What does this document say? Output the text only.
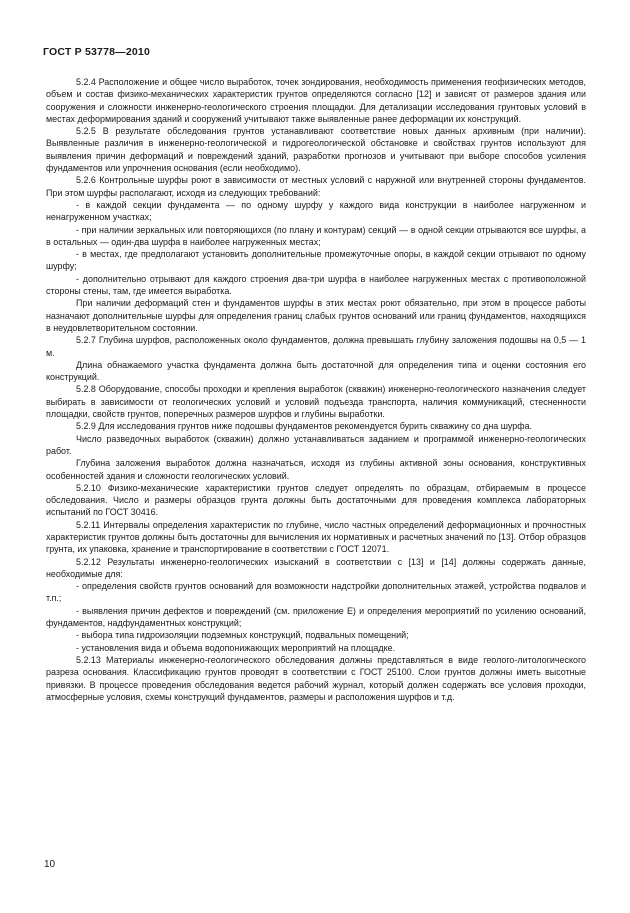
ГОСТ Р 53778—2010

5.2.4 Расположение и общее число выработок, точек зондирования, необходимость применения геофизических методов, объем и состав физико-механических характеристик грунтов определяются согласно [12] и зависят от размеров здания или сооружения и сложности инженерно-геологического строения площадки. Для детализации исследования грунтовых условий в местах деформирования зданий и сооружений учитывают также выявленные ранее деформации их конструкций.

5.2.5 В результате обследования грунтов устанавливают соответствие новых данных архивным (при наличии). Выявленные различия в инженерно-геологической и гидрогеологической обстановке и свойствах грунтов используют для выявления причин деформаций и повреждений зданий, разработки прогнозов и учитывают при выборе способов усиления фундаментов или упрочнения основания (если необходимо).

5.2.6 Контрольные шурфы роют в зависимости от местных условий с наружной или внутренней стороны фундаментов. При этом шурфы располагают, исходя из следующих требований:

- в каждой секции фундамента — по одному шурфу у каждого вида конструкции в наиболее нагруженном и ненагруженном участках;

- при наличии зеркальных или повторяющихся (по плану и контурам) секций — в одной секции отрываются все шурфы, а в остальных — один-два шурфа в наиболее нагруженных местах;

- в местах, где предполагают установить дополнительные промежуточные опоры, в каждой секции отрывают по одному шурфу;

- дополнительно отрывают для каждого строения два-три шурфа в наиболее нагруженных местах с противоположной стороны стены, там, где имеется выработка.

При наличии деформаций стен и фундаментов шурфы в этих местах роют обязательно, при этом в процессе работы назначают дополнительные шурфы для определения границ слабых грунтов оснований или границ фундаментов, находящихся в неудовлетворительном состоянии.

5.2.7 Глубина шурфов, расположенных около фундаментов, должна превышать глубину заложения подошвы на 0,5 — 1 м.

Длина обнажаемого участка фундамента должна быть достаточной для определения типа и оценки состояния его конструкций.

5.2.8 Оборудование, способы проходки и крепления выработок (скважин) инженерно-геологического назначения следует выбирать в зависимости от геологических условий и условий подъезда транспорта, наличия коммуникаций, стесненности площадки, свойств грунтов, поперечных размеров шурфов и глубины выработки.

5.2.9 Для исследования грунтов ниже подошвы фундаментов рекомендуется бурить скважину со дна шурфа.

Число разведочных выработок (скважин) должно устанавливаться заданием и программой инженерно-геологических работ.

Глубина заложения выработок должна назначаться, исходя из глубины активной зоны основания, конструктивных особенностей здания и сложности геологических условий.

5.2.10 Физико-механические характеристики грунтов следует определять по образцам, отбираемым в процессе обследования. Число и размеры образцов грунта должны быть достаточными для проведения комплекса лабораторных испытаний по ГОСТ 30416.

5.2.11 Интервалы определения характеристик по глубине, число частных определений деформационных и прочностных характеристик грунтов должны быть достаточны для вычисления их нормативных и расчетных значений по [13]. Отбор образцов грунта, их упаковка, хранение и транспортирование в соответствии с ГОСТ 12071.

5.2.12 Результаты инженерно-геологических изысканий в соответствии с [13] и [14] должны содержать данные, необходимые для:

- определения свойств грунтов оснований для возможности надстройки дополнительных этажей, устройства подвалов и т.п.;

- выявления причин дефектов и повреждений (см. приложение Е) и определения мероприятий по усилению оснований, фундаментов, надфундаментных конструкций;

- выбора типа гидроизоляции подземных конструкций, подвальных помещений;

- установления вида и объема водопонижающих мероприятий на площадке.

5.2.13 Материалы инженерно-геологического обследования должны представляться в виде геолого-литологического разреза основания. Классификацию грунтов проводят в соответствии с ГОСТ 25100. Слои грунтов должны иметь высотные привязки. В процессе проведения обследования ведется рабочий журнал, который должен содержать все условия проходки, атмосферные условия, схемы конструкций фундаментов, размеры и расположения шурфов и т.д.

10
